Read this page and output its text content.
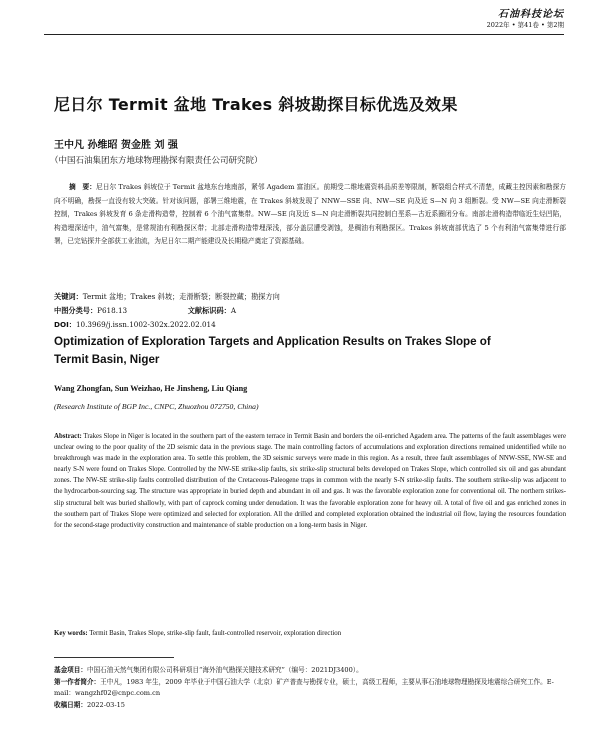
石油科技论坛
2022年 • 第41卷 • 第2期
尼日尔 Termit 盆地 Trakes 斜坡勘探目标优选及效果
王中凡 孙维昭 贺金胜 刘 强
（中国石油集团东方地球物理勘探有限责任公司研究院）
摘　要：尼日尔 Trakes 斜坡位于 Termit 盆地东台地南部，紧邻 Agadem 富油区。前期受二维地震资料品质差等限制，断裂组合样式不清楚，成藏主控因素和勘探方向不明确，勘探一直没有较大突破。针对该问题，部署三维地震，在 Trakes 斜坡发现了 NNW—SSE 向、NW—SE 向及近 S—N 向 3 组断裂。受 NW—SE 向走滑断裂控制，Trakes 斜坡发育 6 条走滑构造带，控制着 6 个油气富集带。NW—SE 向及近 S—N 向走滑断裂共同控制白垩系—古近系圈闭分布。南部走滑构造带临近生烃凹陷，构造埋深适中，油气富集，是常规油有利勘探区带；北部走滑构造带埋深浅，部分盖层遭受剥蚀，是稠油有利勘探区。Trakes 斜坡南部优选了 5 个有利油气富集带进行部署，已完钻探井全部获工业油流，为尼日尔二期产能建设及长期稳产奠定了资源基础。
关键词：Termit 盆地；Trakes 斜坡；走滑断裂；断裂控藏；勘探方向
中图分类号：P618.13	文献标识码：A
DOI：10.3969/j.issn.1002-302x.2022.02.014
Optimization of Exploration Targets and Application Results on Trakes Slope of Termit Basin, Niger
Wang Zhongfan, Sun Weizhao, He Jinsheng, Liu Qiang
(Research Institute of BGP Inc., CNPC, Zhuozhou 072750, China)
Abstract: Trakes Slope in Niger is located in the southern part of the eastern terrace in Termit Basin and borders the oil-enriched Agadem area. The patterns of the fault assemblages were unclear owing to the poor quality of the 2D seismic data in the previous stage. The main controlling factors of accumulations and exploration directions remained unidentified while no breakthrough was made in the exploration area. To settle this problem, the 3D seismic surveys were made in this region. As a result, three fault assemblages of NNW-SSE, NW-SE and nearly S-N were found on Trakes Slope. Controlled by the NW-SE strike-slip faults, six strike-slip structural belts developed on Trakes Slope, which controlled six oil and gas abundant zones. The NW-SE strike-slip faults controlled distribution of the Cretaceous-Paleogene traps in common with the nearly S-N strike-slip faults. The southern strike-slip was adjacent to the hydrocarbon-sourcing sag. The structure was appropriate in buried depth and abundant in oil and gas. It was the favorable exploration zone for conventional oil. The northern strikes-slip structural belt was buried shallowly, with part of caprock coming under denudation. It was the favorable exploration zone for heavy oil. A total of five oil and gas enriched zones in the southern part of Trakes Slope were optimized and selected for exploration. All the drilled and completed exploration obtained the industrial oil flow, laying the resources foundation for the second-stage productivity construction and maintenance of stable production on a long-term basis in Niger.
Key words: Termit Basin, Trakes Slope, strike-slip fault, fault-controlled reservoir, exploration direction

基金项目：中国石油天然气集团有限公司科研项目“海外油气勘探关键技术研究”（编号：2021DJ3400）。

第一作者简介：王中凡，1983 年生，2009 年毕业于中国石油大学（北京）矿产普查与勘探专业，硕士，高级工程师，主要从事石油地球物理勘探及地震综合研究工作。E-mail：wangzhf02@cnpc.com.cn

收稿日期：2022-03-15
